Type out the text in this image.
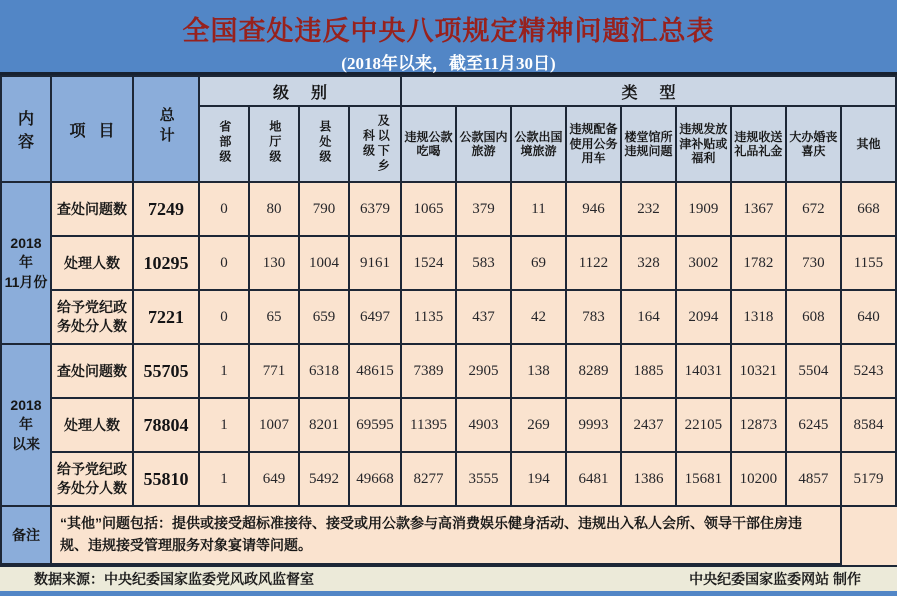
全国查处违反中央八项规定精神问题汇总表
(2018年以来，截至11月30日)
内容	项目	总计	级别				类型								
			省部级	地厅级	县处级	科级 及以下乡	违规公款吃喝	公款国内旅游	公款出国境旅游	违规配备使用公务用车	楼堂馆所违规问题	违规发放津补贴或福利	违规收送礼品礼金	大办婚丧喜庆	其他

2018年
11月份	查处问题数	7249	0	80	790	6379	1065	379	11	946	232	1909	1367	672	668
	处理人数	10295	0	130	1004	9161	1524	583	69	1122	328	3002	1782	730	1155
	给予党纪政务处分人数	7221	0	65	659	6497	1135	437	42	783	164	2094	1318	608	640

2018年
以来	查处问题数	55705	1	771	6318	48615	7389	2905	138	8289	1885	14031	10321	5504	5243
	处理人数	78804	1	1007	8201	69595	11395	4903	269	9993	2437	22105	12873	6245	8584
	给予党纪政务处分人数	55810	1	649	5492	49668	8277	3555	194	6481	1386	15681	10200	4857	5179
备注	“其他”问题包括：提供或接受超标准接待、接受或用公款参与高消费娱乐健身活动、违规出入私人会所、领导干部住房违规、违规接受管理服务对象宴请等问题。														
数据来源：中央纪委国家监委党风政风监督室	中央纪委国家监委网站 制作
